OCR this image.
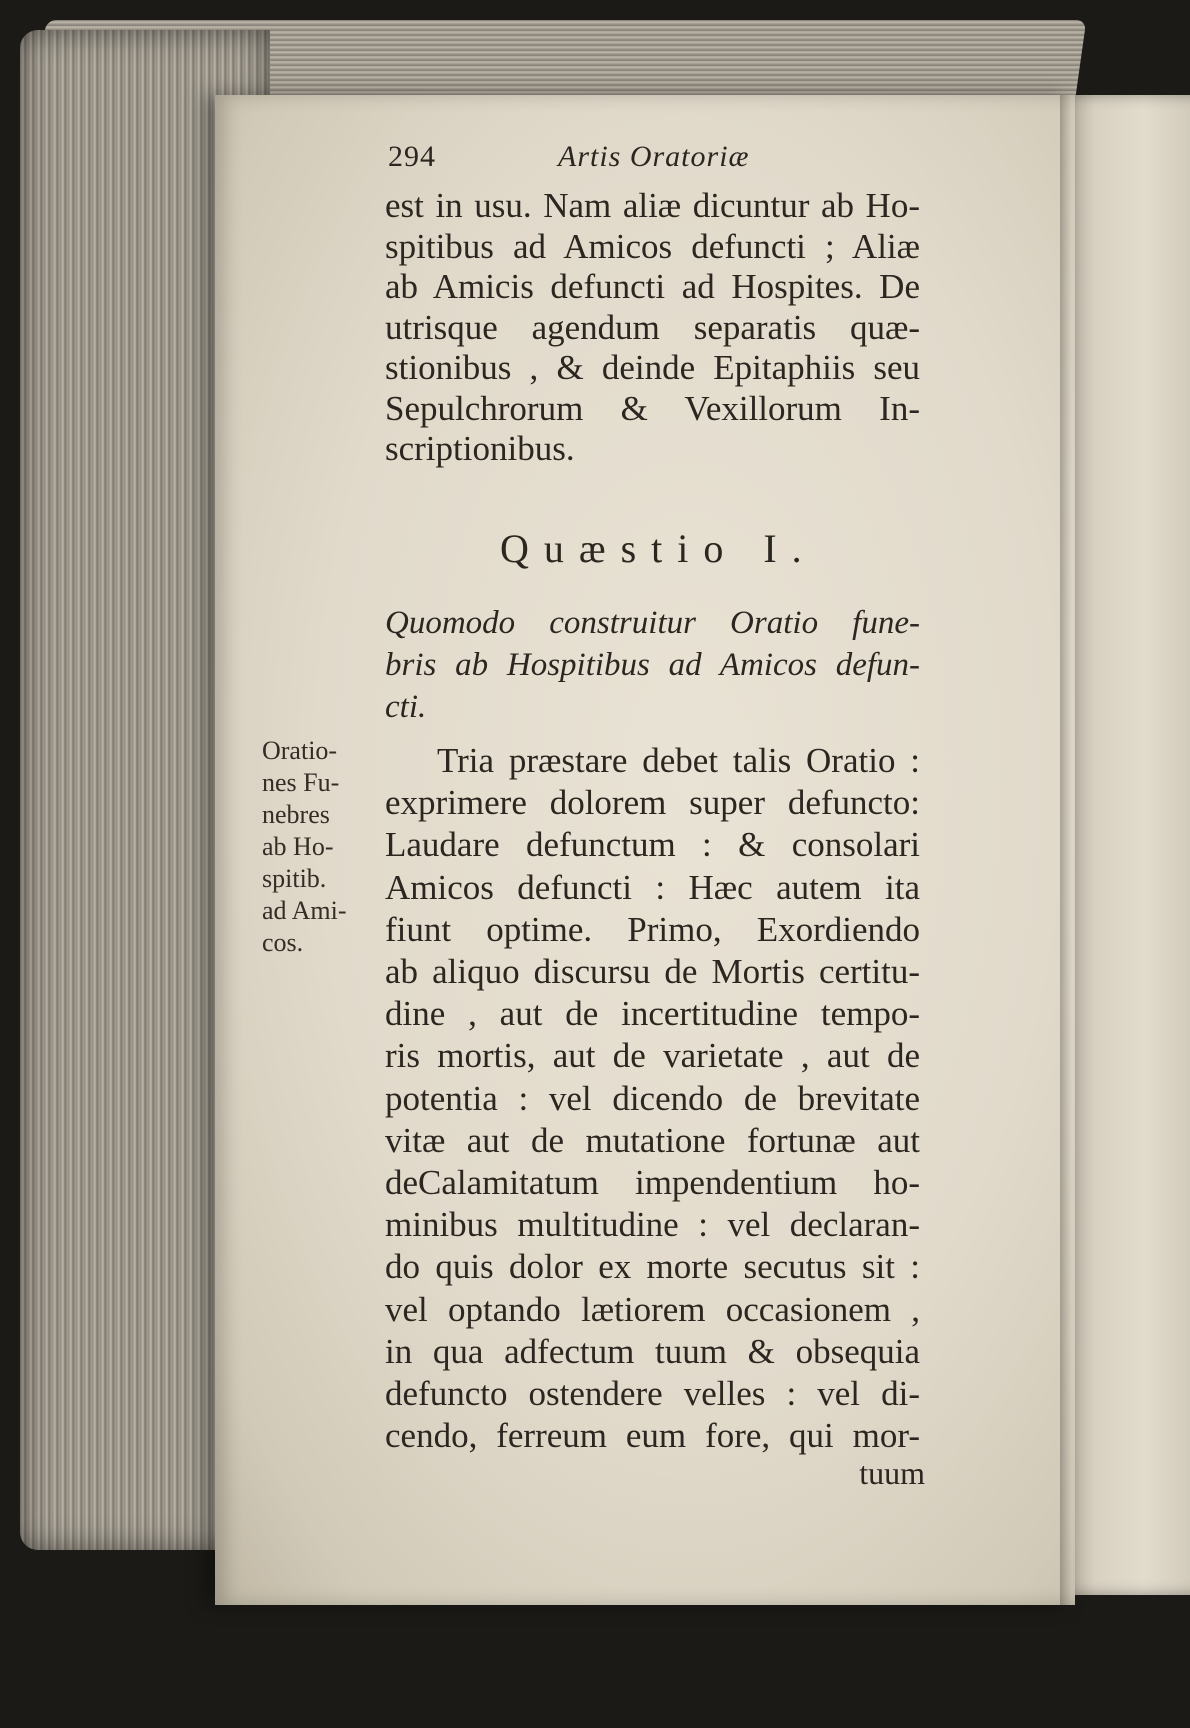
294	Artis Oratoriæ
est in usu. Nam aliæ dicuntur ab Ho-
spitibus ad Amicos defuncti ; Aliæ
ab Amicis defuncti ad Hospites. De
utrisque agendum separatis quæ-
stionibus , & deinde Epitaphiis seu
Sepulchrorum & Vexillorum In-
scriptionibus.
Quæstio I.
Quomodo construitur Oratio fune-
bris ab Hospitibus ad Amicos defun-
cti.
Oratio-
nes Fu-
nebres
ab Ho-
spitib.
ad Ami-
cos.
Tria præstare debet talis Oratio :
exprimere dolorem super defuncto:
Laudare defunctum : & consolari
Amicos defuncti : Hæc autem ita
fiunt optime. Primo, Exordiendo
ab aliquo discursu de Mortis certitu-
dine , aut de incertitudine tempo-
ris mortis, aut de varietate , aut de
potentia : vel dicendo de brevitate
vitæ aut de mutatione fortunæ aut
deCalamitatum impendentium ho-
minibus multitudine : vel declaran-
do quis dolor ex morte secutus sit :
vel optando lætiorem occasionem ,
in qua adfectum tuum & obsequia
defuncto ostendere velles : vel di-
cendo, ferreum eum fore, qui mor-
tuum
